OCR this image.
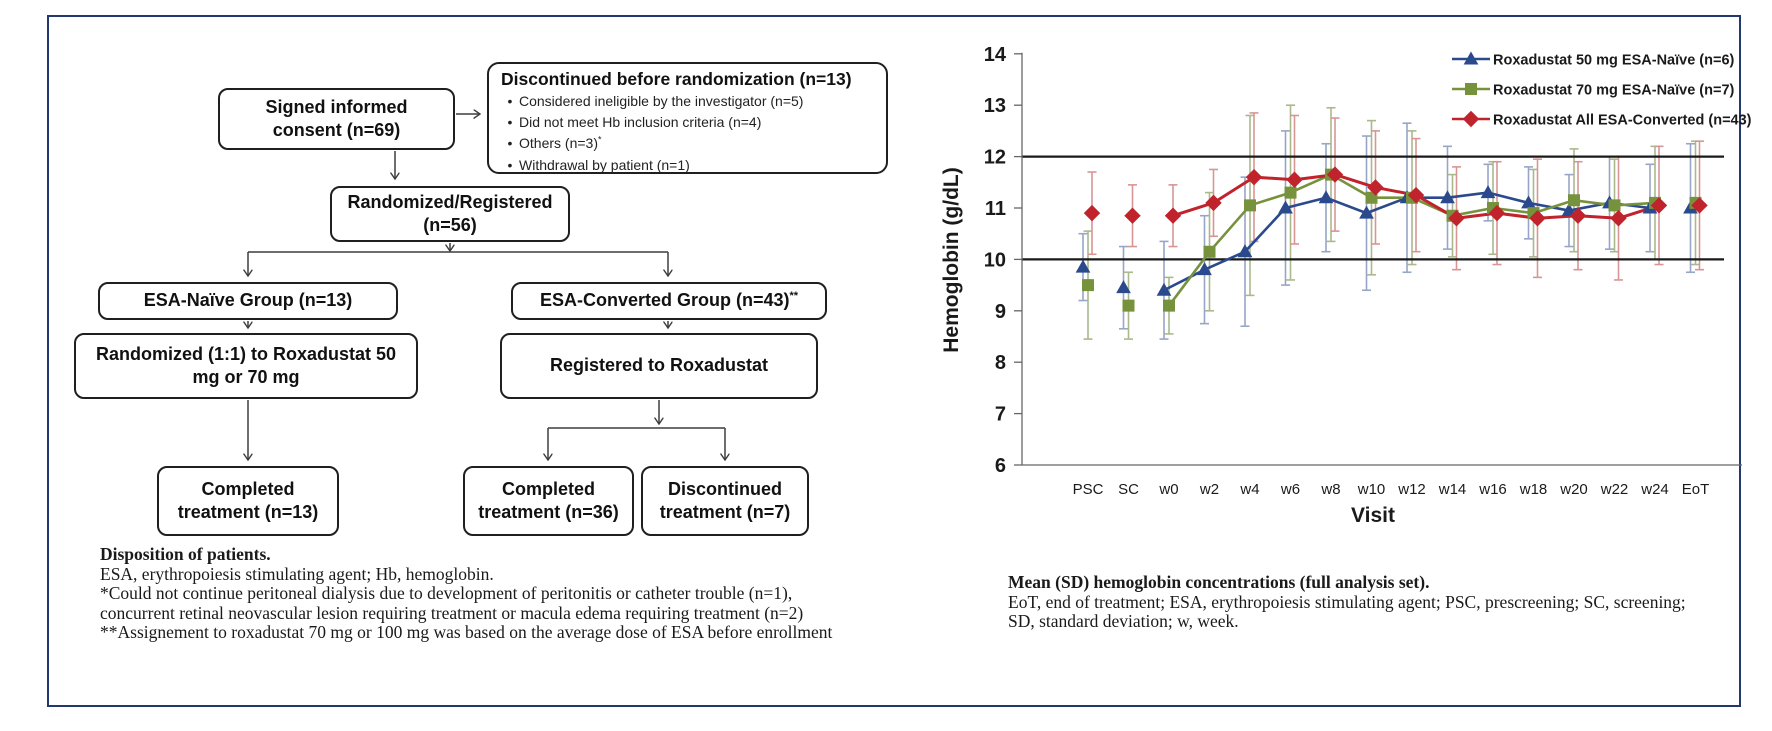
Signed informed consent (n=69)
Discontinued before randomization (n=13)
• Considered ineligible by the investigator (n=5)
• Did not meet Hb inclusion criteria (n=4)
• Others (n=3)*
• Withdrawal by patient (n=1)
Randomized/Registered (n=56)
ESA-Naïve Group (n=13)	ESA-Converted Group (n=43)**
Randomized (1:1) to Roxadustat 50 mg or 70 mg
Registered to Roxadustat
Completed treatment (n=13)
Completed treatment (n=36)
Discontinued treatment (n=7)
Disposition of patients.
ESA, erythropoiesis stimulating agent; Hb, hemoglobin.
*Could not continue peritoneal dialysis due to development of peritonitis or catheter trouble (n=1),
concurrent retinal neovascular lesion requiring treatment or macula edema requiring treatment (n=2)
**Assignement to roxadustat 70 mg or 100 mg was based on the average dose of ESA before enrollment
6
7
8
9
10
11
12
13
14
PSC SC w0 w2 w4 w6 w8 w10 w12 w14 w16 w18 w20 w22 w24 EoT
Visit
Hemoglobin (g/dL)
Roxadustat 50 mg ESA-Naïve (n=6)
Roxadustat 70 mg ESA-Naïve (n=7)
Roxadustat All ESA-Converted (n=43)
Mean (SD) hemoglobin concentrations (full analysis set).
EoT, end of treatment; ESA, erythropoiesis stimulating agent; PSC, prescreening; SC, screening;
SD, standard deviation; w, week.
